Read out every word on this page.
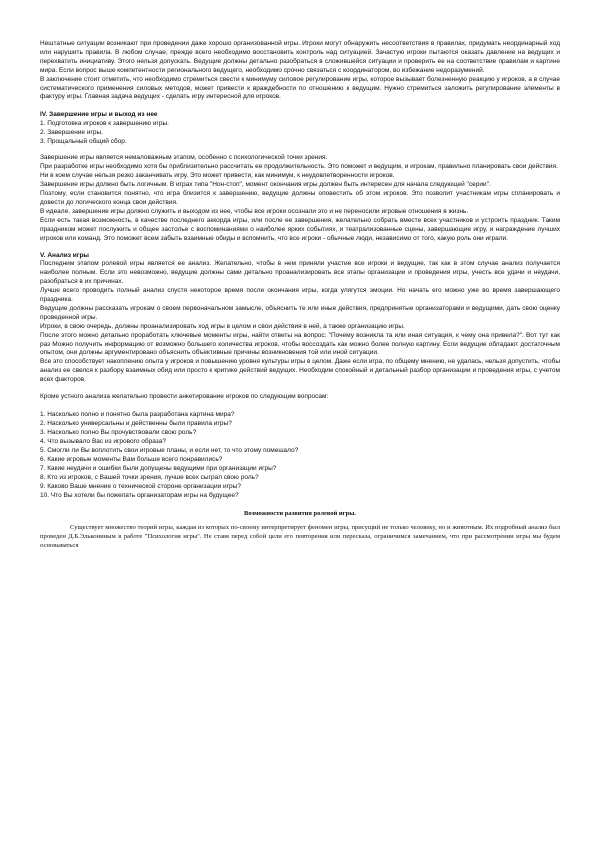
Нештатные ситуации возникают при проведении даже хорошо организованной игры. Игроки могут обнаружить несоответствия в правилах, придумать неординарный ход или нарушить правила. В любом случае, прежде всего необходимо восстановить контроль над ситуацией. Зачастую игроки пытаются оказать давление на ведущих и перехватить инициативу. Этого нельзя допускать. Ведущие должны детально разобраться в сложившейся ситуации и проверить ее на соответствие правилам и картине мира. Если вопрос выше компетентности регионального ведущего, необходимо срочно связаться с координатором, во избежание недоразумений.

В заключение стоит отметить, что необходимо стремиться свести к минимуму силовое регулирование игры, которое вызывает болезненную реакцию у игроков, а в случае систематического применения силовых методов, может привести к враждебности по отношению к ведущим. Нужно стремиться заложить регулирование элементы в фактуру игры. Главная задача ведущих - сделать игру интересной для игроков.

IV. Завершение игры и выход из нее

1. Подготовка игроков к завершению игры.

2. Завершение игры.

3. Прощальный общий сбор.

Завершение игры является немаловажным этапом, особенно с психологической точки зрения.

При разработке игры необходимо хотя бы приблизительно рассчитать ее продолжительность. Это поможет и ведущим, и игрокам, правильно планировать свои действия.

Ни в коем случае нельзя резко заканчивать игру. Это может привести, как минимум, к неудовлетворенности игроков.

Завершение игры должно быть логичным. В играх типа "Нон-стоп", момент окончания игры должен быть интересен для начала следующей "серии".

Поэтому, если становится понятно, что игра близится к завершению, ведущие должны оповестить об этом игроков. Это позволит участникам игры спланировать и довести до логического конца свои действия.

В идеале, завершение игры должно служить и выходом из нее, чтобы все игроки осознали это и не переносили игровые отношения в жизнь.

Если есть такая возможность, в качестве последнего аккорда игры, или после ее завершения, желательно собрать вместе всех участников и устроить праздник. Таким праздником может послужить и общее застолье с воспоминаниями о наиболее ярких событиях, и театрализованные сцены, завершающие игру, и награждение лучших игроков или команд. Это поможет всем забыть взаимные обиды и вспомнить, что все игроки - обычные люди, независимо от того, какую роль они играли.

V. Анализ игры

Последним этапом ролевой игры является ее анализ. Желательно, чтобы в нем приняли участие все игроки и ведущие, так как в этом случае анализ получается наиболее полным. Если это невозможно, ведущие должны сами детально проанализировать все этапы организации и проведения игры, учесть все удачи и неудачи, разобраться в их причинах.

Лучше всего проводить полный анализ спустя некоторое время после окончания игры, когда улягутся эмоции. Но начать его можно уже во время завершающего праздника.

Ведущие должны рассказать игрокам о своем первоначальном замысле, объяснить те или иные действия, предпринятые организаторами и ведущими, дать свою оценку проведенной игры.

Игроки, в свою очередь, должны проанализировать ход игры в целом и свои действия в ней, а также организацию игры.

После этого можно детально проработать ключевые моменты игры, найти ответы на вопрос: "Почему возникла та или иная ситуация, к чему она привела?". Вот тут как раз Можно получить информацию от возможно большего количества игроков, чтобы воссоздать как можно более полную картину. Если ведущие обладают достаточным опытом, они должны аргументировано объяснить объективные причины возникновения той или иной ситуации.

Все это способствует накоплению опыта у игроков и повышению уровня культуры игры в целом. Даже если игра, по общему мнению, не удалась, нельзя допустить, чтобы анализ ее свелся к разбору взаимных обид или просто к критике действий ведущих. Необходим спокойный и детальный разбор организации и проведения игры, с учетом всех факторов.

Кроме устного анализа желательно провести анкетирование игроков по следующим вопросам:

1. Насколько полно и понятно была разработана картина мира?

2. Насколько универсальны и действенны были правила игры?

3. Насколько полно Вы прочувствовали свою роль?

4. Что вызывало Вас из игрового образа?

5. Смогли ли Вы воплотить свои игровые планы, и если нет, то что этому помешало?

6. Какие игровые моменты Вам больше всего понравились?

7. Какие неудачи и ошибки были допущены ведущими при организации игры?

8. Кто из игроков, с Вашей точки зрения, лучше всех сыграл свою роль?

9. Каково Ваше мнение о технической стороне организации игры?

10. Что Вы хотели бы пожелать организаторам игры на будущее?

Возможности развития ролевой игры.

Существует множество теорий игры, каждая из которых по-своему интерпретирует феномен игры, присущий не только человеку, но и животным. Их подробный анализ был проведен Д.Б.Элькониным в работе "Психология игры". Не ставя перед собой цели его повторения или пересказа, ограничимся замечанием, что при рассмотрении игры мы будем основываться
